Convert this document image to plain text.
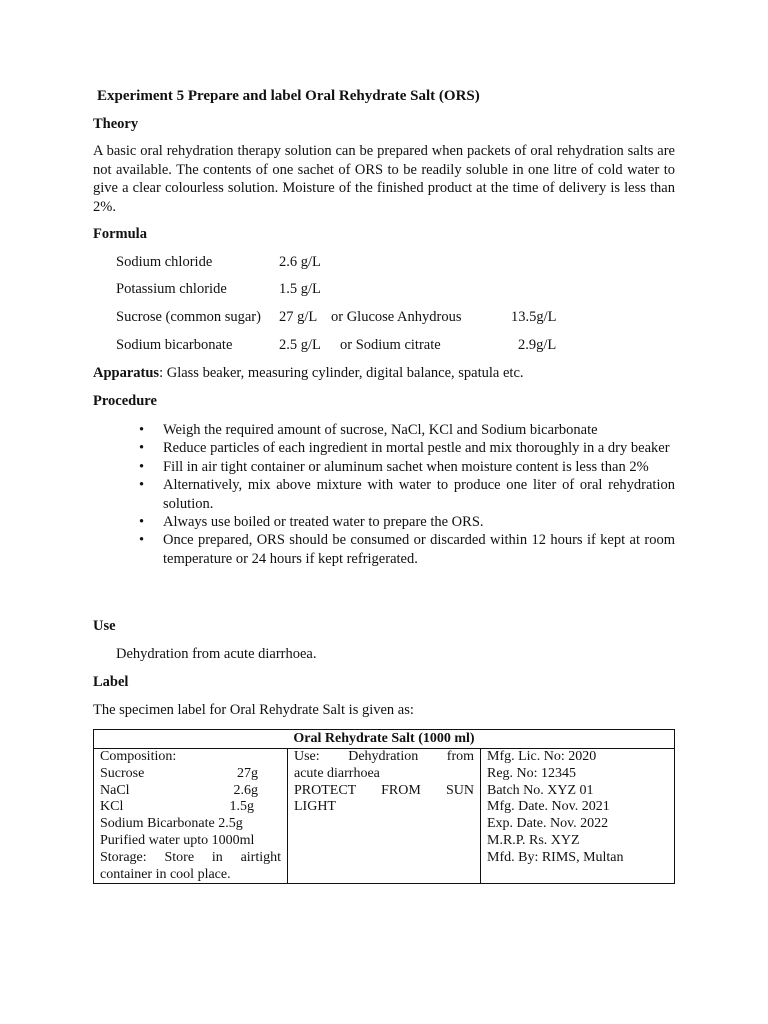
Experiment 5 Prepare and label Oral Rehydrate Salt (ORS)
Theory
A basic oral rehydration therapy solution can be prepared when packets of oral rehydration salts are not available. The contents of one sachet of ORS to be readily soluble in one litre of cold water to give a clear colourless solution. Moisture of the finished product at the time of delivery is less than 2%.
Formula
Sodium chloride	2.6 g/L
Potassium chloride	1.5 g/L
Sucrose (common sugar) 27 g/L or Glucose Anhydrous	13.5g/L
Sodium bicarbonate	2.5 g/L or Sodium citrate	2.9g/L
Apparatus: Glass beaker, measuring cylinder, digital balance, spatula etc.
Procedure
• Weigh the required amount of sucrose, NaCl, KCl and Sodium bicarbonate
• Reduce particles of each ingredient in mortal pestle and mix thoroughly in a dry beaker
• Fill in air tight container or aluminum sachet when moisture content is less than 2%
• Alternatively, mix above mixture with water to produce one liter of oral rehydration solution.
• Always use boiled or treated water to prepare the ORS.
• Once prepared, ORS should be consumed or discarded within 12 hours if kept at room temperature or 24 hours if kept refrigerated.
Use
Dehydration from acute diarrhoea.
Label
The specimen label for Oral Rehydrate Salt is given as:
Oral Rehydrate Salt (1000 ml)

Composition:
Sucrose	27g
NaCl	2.6g
KCl	1.5g
Sodium Bicarbonate 2.5g
Purified water upto 1000ml
Storage: Store in airtight
container in cool place.

Use: Dehydration from
acute diarrhoea
PROTECT FROM SUN
LIGHT

Mfg. Lic. No: 2020
Reg. No: 12345
Batch No. XYZ 01
Mfg. Date. Nov. 2021
Exp. Date. Nov. 2022
M.R.P. Rs. XYZ
Mfd. By: RIMS, Multan
